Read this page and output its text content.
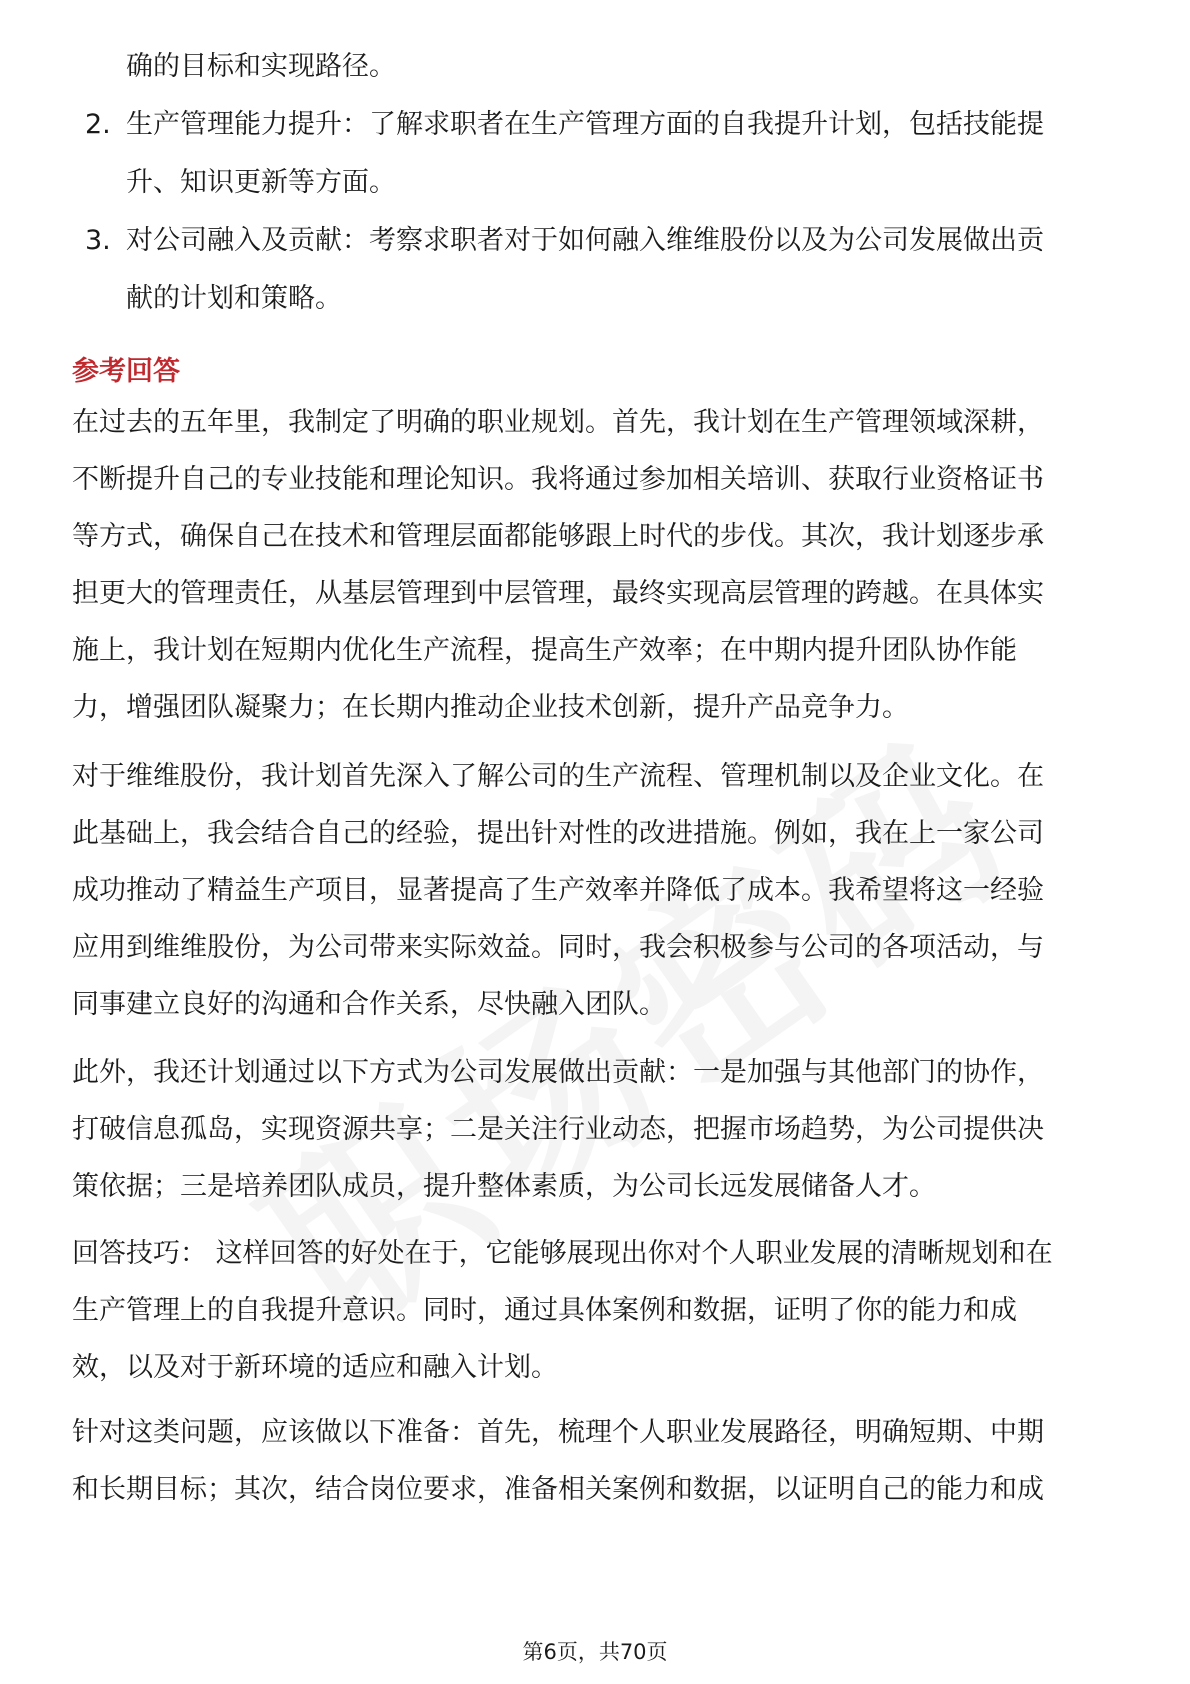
确的目标和实现路径。
2. 生产管理能力提升：了解求职者在生产管理方面的自我提升计划，包括技能提
升、知识更新等方面。
3. 对公司融入及贡献：考察求职者对于如何融入维维股份以及为公司发展做出贡
献的计划和策略。
参考回答
在过去的五年里，我制定了明确的职业规划。首先，我计划在生产管理领域深耕，
不断提升自己的专业技能和理论知识。我将通过参加相关培训、获取行业资格证书
等方式，确保自己在技术和管理层面都能够跟上时代的步伐。其次，我计划逐步承
担更大的管理责任，从基层管理到中层管理，最终实现高层管理的跨越。在具体实
施上，我计划在短期内优化生产流程，提高生产效率；在中期内提升团队协作能
力，增强团队凝聚力；在长期内推动企业技术创新，提升产品竞争力。
对于维维股份，我计划首先深入了解公司的生产流程、管理机制以及企业文化。在
此基础上，我会结合自己的经验，提出针对性的改进措施。例如，我在上一家公司
成功推动了精益生产项目，显著提高了生产效率并降低了成本。我希望将这一经验
应用到维维股份，为公司带来实际效益。同时，我会积极参与公司的各项活动，与
同事建立良好的沟通和合作关系，尽快融入团队。
此外，我还计划通过以下方式为公司发展做出贡献：一是加强与其他部门的协作，
打破信息孤岛，实现资源共享；二是关注行业动态，把握市场趋势，为公司提供决
策依据；三是培养团队成员，提升整体素质，为公司长远发展储备人才。
回答技巧： 这样回答的好处在于，它能够展现出你对个人职业发展的清晰规划和在
生产管理上的自我提升意识。同时，通过具体案例和数据，证明了你的能力和成
效，以及对于新环境的适应和融入计划。
针对这类问题，应该做以下准备：首先，梳理个人职业发展路径，明确短期、中期
和长期目标；其次，结合岗位要求，准备相关案例和数据，以证明自己的能力和成
第6页，共70页
